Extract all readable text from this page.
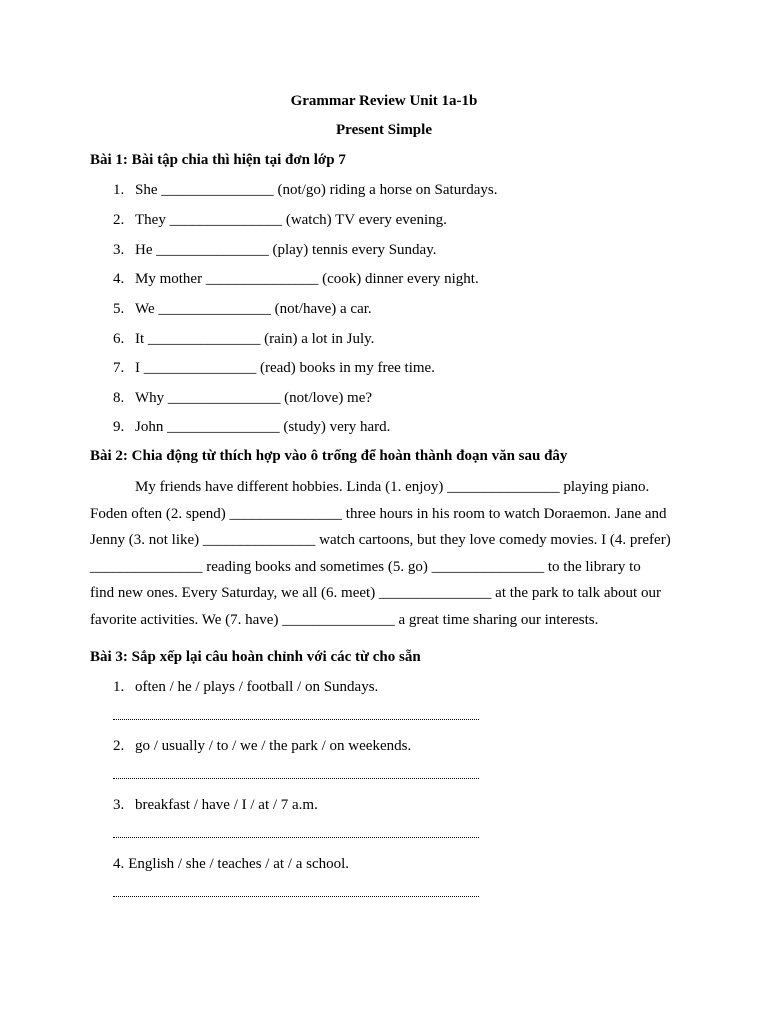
Grammar Review Unit 1a-1b
Present Simple
Bài 1: Bài tập chia thì hiện tại đơn lớp 7
1. She _______________ (not/go) riding a horse on Saturdays.
2. They _______________ (watch) TV every evening.
3. He _______________ (play) tennis every Sunday.
4. My mother _______________ (cook) dinner every night.
5. We _______________ (not/have) a car.
6. It _______________ (rain) a lot in July.
7. I _______________ (read) books in my free time.
8. Why _______________ (not/love) me?
9. John _______________ (study) very hard.
Bài 2: Chia động từ thích hợp vào ô trống để hoàn thành đoạn văn sau đây
My friends have different hobbies. Linda (1. enjoy) _______________ playing piano.
Foden often (2. spend) _______________ three hours in his room to watch Doraemon. Jane and
Jenny (3. not like) _______________ watch cartoons, but they love comedy movies. I (4. prefer)
_______________ reading books and sometimes (5. go) _______________ to the library to
find new ones. Every Saturday, we all (6. meet) _______________ at the park to talk about our
favorite activities. We (7. have) _______________ a great time sharing our interests.
Bài 3: Sắp xếp lại câu hoàn chỉnh với các từ cho sẵn
1. often / he / plays / football / on Sundays.
2. go / usually / to / we / the park / on weekends.
3. breakfast / have / I / at / 7 a.m.
4. English / she / teaches / at / a school.
